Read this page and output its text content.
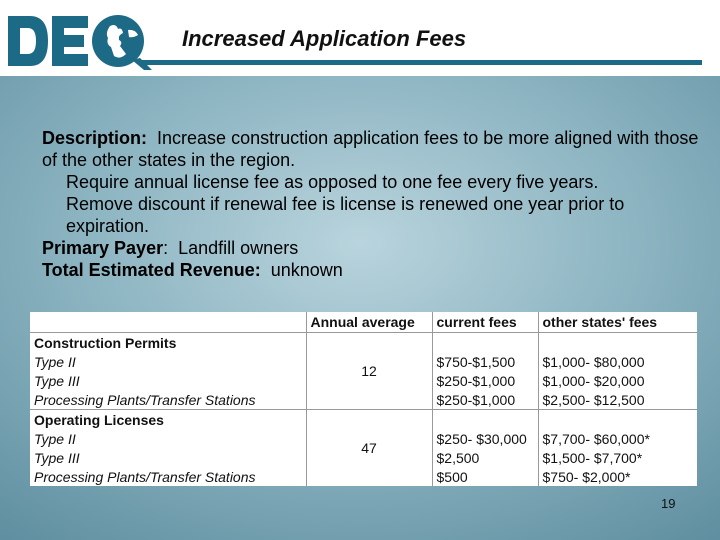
Increased Application Fees

Description: Increase construction application fees to be more aligned with those of the other states in the region.

Require annual license fee as opposed to one fee every five years.

Remove discount if renewal fee is license is renewed one year prior to expiration.

Primary Payer: Landfill owners

Total Estimated Revenue: unknown

	Annual average	current fees	other states' fees
Construction Permits	12		
Type II		$750-$1,500	$1,000- $80,000
Type III		$250-$1,000	$1,000- $20,000
Processing Plants/Transfer Stations		$250-$1,000	$2,500- $12,500
Operating Licenses	47		
Type II		$250- $30,000	$7,700- $60,000*
Type III		$2,500	$1,500- $7,700*
Processing Plants/Transfer Stations		$500	$750- $2,000*
19
